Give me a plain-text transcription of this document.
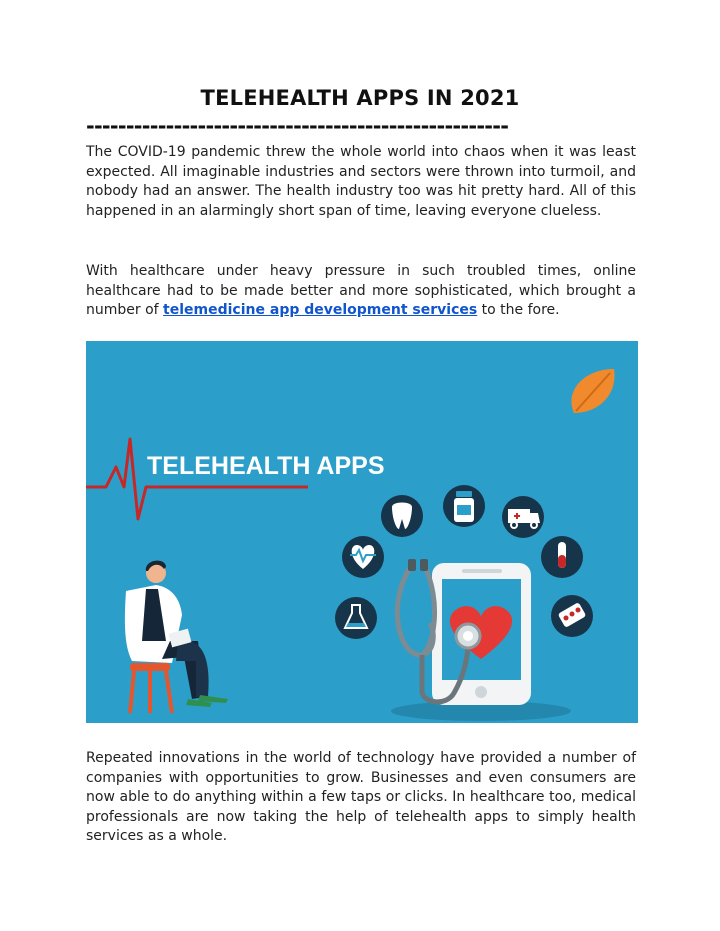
TELEHEALTH APPS IN 2021
-----------------------------------------------------

The COVID-19 pandemic threw the whole world into chaos when it was least expected. All imaginable industries and sectors were thrown into turmoil, and nobody had an answer. The health industry too was hit pretty hard. All of this happened in an alarmingly short span of time, leaving everyone clueless.

With healthcare under heavy pressure in such troubled times, online healthcare had to be made better and more sophisticated, which brought a number of telemedicine app development services to the fore.

TELEHEALTH APPS

Repeated innovations in the world of technology have provided a number of companies with opportunities to grow. Businesses and even consumers are now able to do anything within a few taps or clicks. In healthcare too, medical professionals are now taking the help of telehealth apps to simply health services as a whole.
